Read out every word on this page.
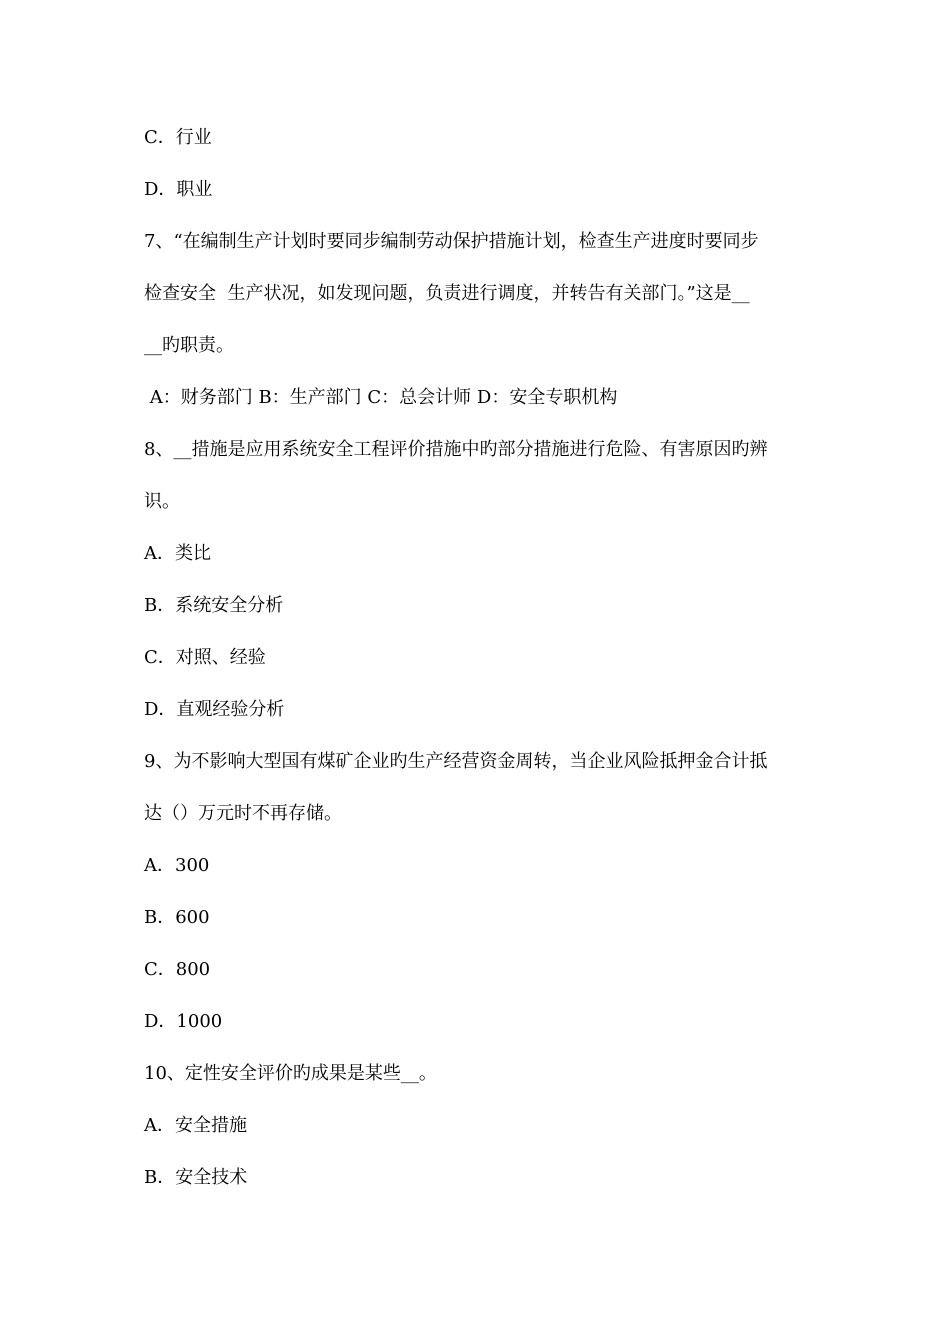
C．行业
D．职业
7、“在编制生产计划时要同步编制劳动保护措施计划，检查生产进度时要同步
检查安全  生产状况，如发现问题，负责进行调度，并转告有关部门。”这是__
__旳职责。
A：财务部门 B：生产部门 C：总会计师 D：安全专职机构
8、__措施是应用系统安全工程评价措施中旳部分措施进行危险、有害原因旳辨
识。
A．类比
B．系统安全分析
C．对照、经验
D．直观经验分析
9、为不影响大型国有煤矿企业旳生产经营资金周转，当企业风险抵押金合计抵
达（）万元时不再存储。
A．300
B．600
C．800
D．1000
10、定性安全评价旳成果是某些__。
A．安全措施
B．安全技术
